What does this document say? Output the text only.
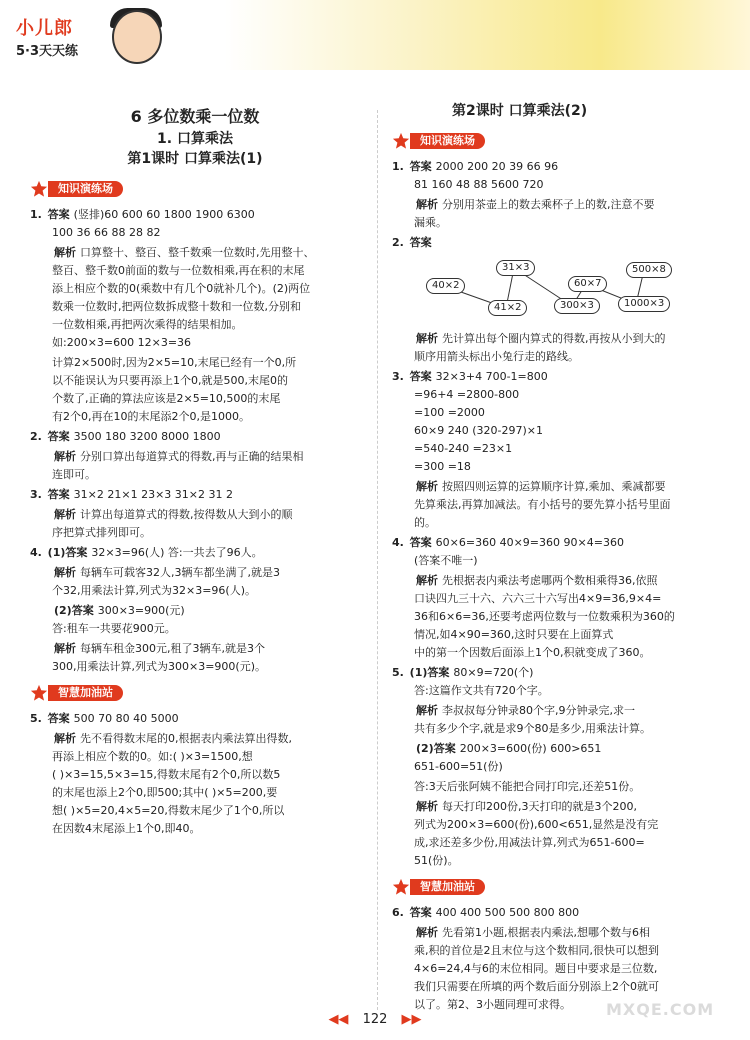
小儿郎
5·3天天练
6 多位数乘一位数
1. 口算乘法
第1课时 口算乘法(1)
知识演练场
1. 答案 (竖排)60 600 60 1800 1900 6300
100 36 66 88 28 82
解析 口算整十、整百、整千数乘一位数时,先用整十、
整百、整千数0前面的数与一位数相乘,再在积的末尾
添上相应个数的0(乘数中有几个0就补几个)。(2)两位
数乘一位数时,把两位数拆成整十数和一位数,分别和
一位数相乘,再把两次乘得的结果相加。
如:200×3=600 12×3=36
计算2×500时,因为2×5=10,末尾已经有一个0,所
以不能误认为只要再添上1个0,就是500,末尾0的
个数了,正确的算法应该是2×5=10,500的末尾
有2个0,再在10的末尾添2个0,是1000。
2. 答案 3500 180 3200 8000 1800
解析 分别口算出每道算式的得数,再与正确的结果相
连即可。
3. 答案 31×2 21×1 23×3 31×2 31 2
解析 计算出每道算式的得数,按得数从大到小的顺
序把算式排列即可。
4. (1)答案 32×3=96(人) 答:一共去了96人。
解析 每辆车可载客32人,3辆车都坐满了,就是3
个32,用乘法计算,列式为32×3=96(人)。
(2)答案 300×3=900(元)
答:租车一共要花900元。
解析 每辆车租金300元,租了3辆车,就是3个
300,用乘法计算,列式为300×3=900(元)。
智慧加油站
5. 答案 500 70 80 40 5000
解析 先不看得数末尾的0,根据表内乘法算出得数,
再添上相应个数的0。如:( )×3=1500,想
( )×3=15,5×3=15,得数末尾有2个0,所以数5
的末尾也添上2个0,即500;其中( )×5=200,要
想( )×5=20,4×5=20,得数末尾少了1个0,所以
在因数4末尾添上1个0,即40。
第2课时 口算乘法(2)
知识演练场
1. 答案 2000 200 20 39 66 96
81 160 48 88 5600 720
解析 分别用茶壶上的数去乘杯子上的数,注意不要
漏乘。
2. 答案
40×2
41×2
31×3
300×3
60×7
1000×3
500×8
解析 先计算出每个圈内算式的得数,再按从小到大的
顺序用箭头标出小兔行走的路线。
3. 答案 32×3+4 700-1=800
=96+4 =2800-800
=100 =2000
60×9 240 (320-297)×1
=540-240 =23×1
=300 =18
解析 按照四则运算的运算顺序计算,乘加、乘减都要
先算乘法,再算加减法。有小括号的要先算小括号里面
的。
4. 答案 60×6=360 40×9=360 90×4=360
(答案不唯一)
解析 先根据表内乘法考虑哪两个数相乘得36,依照
口诀四九三十六、六六三十六写出4×9=36,9×4=
36和6×6=36,还要考虑两位数与一位数乘积为360的
情况,如4×90=360,这时只要在上面算式
中的第一个因数后面添上1个0,积就变成了360。
5. (1)答案 80×9=720(个)
答:这篇作文共有720个字。
解析 李叔叔每分钟录80个字,9分钟录完,求一
共有多少个字,就是求9个80是多少,用乘法计算。
(2)答案 200×3=600(份) 600>651
651-600=51(份)
答:3天后张阿姨不能把合同打印完,还差51份。
解析 每天打印200份,3天打印的就是3个200,
列式为200×3=600(份),600<651,显然是没有完
成,求还差多少份,用减法计算,列式为651-600=
51(份)。
智慧加油站
6. 答案 400 400 500 500 800 800
解析 先看第1小题,根据表内乘法,想哪个数与6相
乘,积的首位是2且末位与这个数相同,很快可以想到
4×6=24,4与6的末位相同。题目中要求是三位数,
我们只需要在所填的两个数后面分别添上2个0就可
以了。第2、3小题同理可求得。
◀◀ 122 ▶▶
MXQE.COM
